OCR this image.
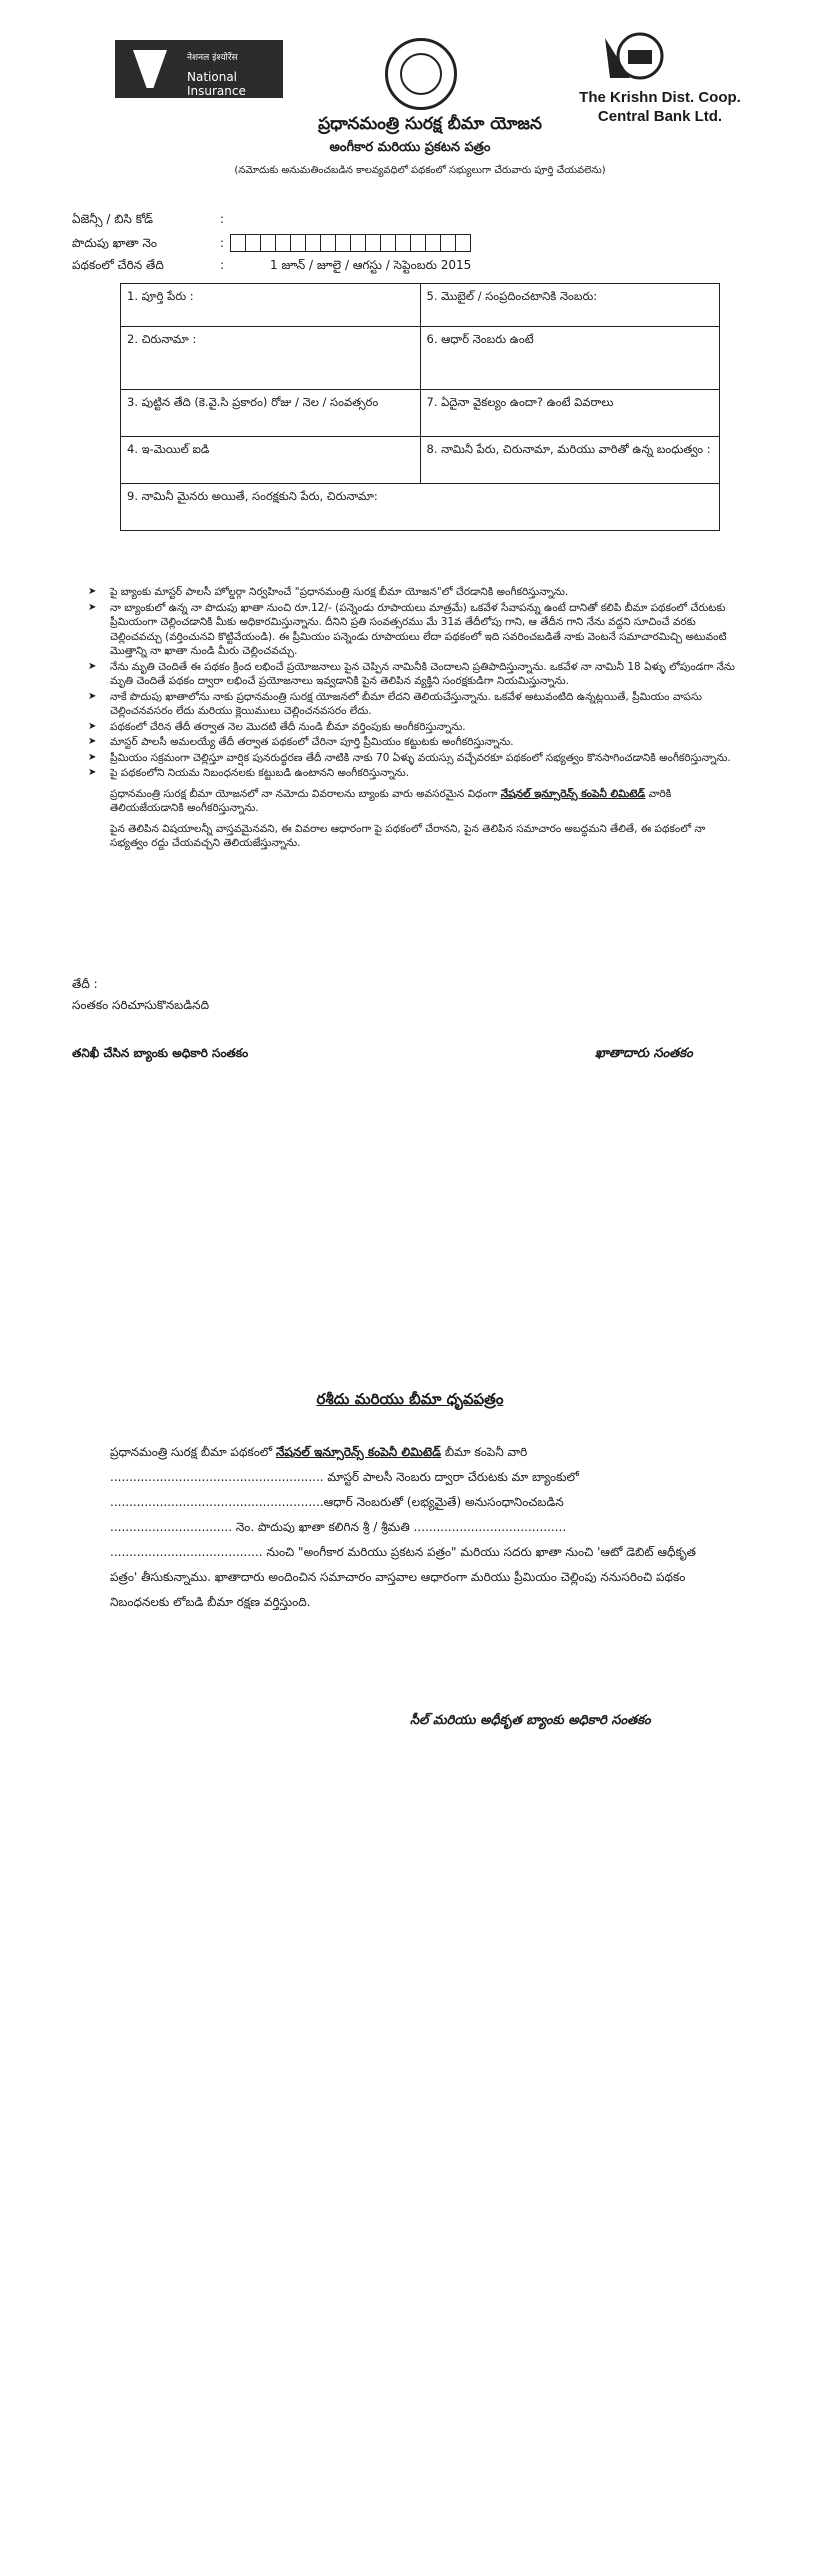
नेशनल इंश्योरेंस
National Insurance	The Krishn Dist. Coop.
Central Bank Ltd.
ప్రధానమంత్రి సురక్ష బీమా యోజన
అంగీకార మరియు ప్రకటన పత్రం
(నమోదుకు అనుమతించబడిన కాలవ్యవధిలో పథకంలో సభ్యులుగా చేరువారు పూర్తి చేయవలెను)
ఏజెన్సీ / బిసి కోడ్	:
పొదుపు ఖాతా నెం	:
పథకంలో చేరిన తేది	:	1 జూన్ / జూలై / ఆగస్టు / సెప్టెంబరు 2015
1. పూర్తి పేరు :	5. మొబైల్ / సంప్రదించటానికి నెంబరు:
2. చిరునామా :	6. ఆధార్ నెంబరు ఉంటే
3. పుట్టిన తేది (కె.వై.సి ప్రకారం) రోజు / నెల / సంవత్సరం	7. ఏదైనా వైకల్యం ఉందా? ఉంటే వివరాలు
4. ఇ-మెయిల్ ఐడి	8. నామినీ పేరు, చిరునామా, మరియు వారితో ఉన్న బంధుత్వం :
9. నామినీ మైనరు అయితే, సంరక్షకుని పేరు, చిరునామా:
➤ పై బ్యాంకు మాస్టర్ పాలసీ హోల్డర్గా నిర్వహించే "ప్రధానమంత్రి సురక్ష బీమా యోజన"లో చేరడానికి అంగీకరిస్తున్నాను.
➤ నా బ్యాంకులో ఉన్న నా పొదుపు ఖాతా నుంచి రూ.12/- (పన్నెండు రూపాయలు మాత్రమే) ఒకవేళ సేవాపన్ను ఉంటే దానితో కలిపి బీమా పథకంలో చేరుటకు ప్రీమియంగా చెల్లించడానికి మీకు అధికారమిస్తున్నాను. దీనిని ప్రతి సంవత్సరము మే 31వ తేదీలోపు గాని, ఆ తేదీన గాని నేను వద్దని సూచించే వరకు చెల్లించవచ్చు (వర్తించునవి కొట్టివేయండి). ఈ ప్రీమియం పన్నెండు రూపాయలు లేదా పథకంలో ఇది సవరించబడితే నాకు వెంటనే సమాచారమిచ్చి అటువంటి మొత్తాన్ని నా ఖాతా నుండి మీరు చెల్లించవచ్చు.
➤ నేను మృతి చెందితే ఈ పథకం క్రింద లభించే ప్రయోజనాలు పైన చెప్పిన నామినీకి చెందాలని ప్రతిపాదిస్తున్నాను. ఒకవేళ నా నామినీ 18 ఏళ్ళు లోపుండగా నేను మృతి చెందితే పథకం ద్వారా లభించే ప్రయోజనాలు ఇవ్వడానికి పైన తెలిపిన వ్యక్తిని సంరక్షకుడిగా నియమిస్తున్నాను.
➤ నాకే పొదుపు ఖాతాలోను నాకు ప్రధానమంత్రి సురక్ష యోజనలో బీమా లేదని తెలియచేస్తున్నాను. ఒకవేళ అటువంటిది ఉన్నట్లయితే, ప్రీమియం వాపసు చెల్లించనవసరం లేదు మరియు క్లెయిములు చెల్లించనవసరం లేదు.
➤ పథకంలో చేరిన తేదీ తర్వాత నెల మొదటి తేదీ నుండి బీమా వర్తింపుకు అంగీకరిస్తున్నాను.
➤ మాస్టర్ పాలసీ అమలయ్యే తేదీ తర్వాత పథకంలో చేరినా పూర్తి ప్రీమియం కట్టుటకు అంగీకరిస్తున్నాను.
➤ ప్రీమియం సక్రమంగా చెల్లిస్తూ వార్షిక పునరుద్ధరణ తేదీ నాటికి నాకు 70 ఏళ్ళు వయస్సు వచ్చేవరకూ పథకంలో సభ్యత్వం కొనసాగించడానికి అంగీకరిస్తున్నాను.
➤ పై పథకంలోని నియమ నిబంధనలకు కట్టుబడి ఉంటానని అంగీకరిస్తున్నాను.

ప్రధానమంత్రి సురక్ష బీమా యోజనలో నా నమోదు వివరాలను బ్యాంకు వారు అవసరమైన విధంగా నేషనల్ ఇన్సూరెన్స్ కంపెనీ లిమిటెడ్ వారికి తెలియజేయడానికి అంగీకరిస్తున్నాను.

పైన తెలిపిన విషయాలన్నీ వాస్తవమైనవని, ఈ వివరాల ఆధారంగా పై పథకంలో చేరానని, పైన తెలిపిన సమాచారం అబద్ధమని తేలితే, ఈ పథకంలో నా సభ్యత్వం రద్దు చేయవచ్చని తెలియజేస్తున్నాను.

తేదీ :
సంతకం సరిచూసుకొనబడినది
తనిఖీ చేసిన బ్యాంకు అధికారి సంతకం	ఖాతాదారు సంతకం
రశీదు మరియు బీమా ధృవపత్రం
ప్రధానమంత్రి సురక్ష బీమా పథకంలో నేషనల్ ఇన్సూరెన్స్ కంపెనీ లిమిటెడ్ బీమా కంపెనీ వారి
........................................................ మాస్టర్ పాలసీ నెంబరు ద్వారా చేరుటకు మా బ్యాంకులో
........................................................ఆధార్ నెంబరుతో (లభ్యమైతే) అనుసంధానించబడిన
................................ నెం. పొదుపు ఖాతా కలిగిన శ్రీ / శ్రీమతి ........................................
........................................ నుంచి "అంగీకార మరియు ప్రకటన పత్రం" మరియు సదరు ఖాతా నుంచి 'ఆటో డెబిట్ ఆధీకృత పత్రం' తీసుకున్నాము. ఖాతాదారు అందించిన సమాచారం వాస్తవాల ఆధారంగా మరియు ప్రీమియం చెల్లింపు ననుసరించి పథకం నిబంధనలకు లోబడి బీమా రక్షణ వర్తిస్తుంది.
సీల్ మరియు అధీకృత బ్యాంకు అధికారి సంతకం
